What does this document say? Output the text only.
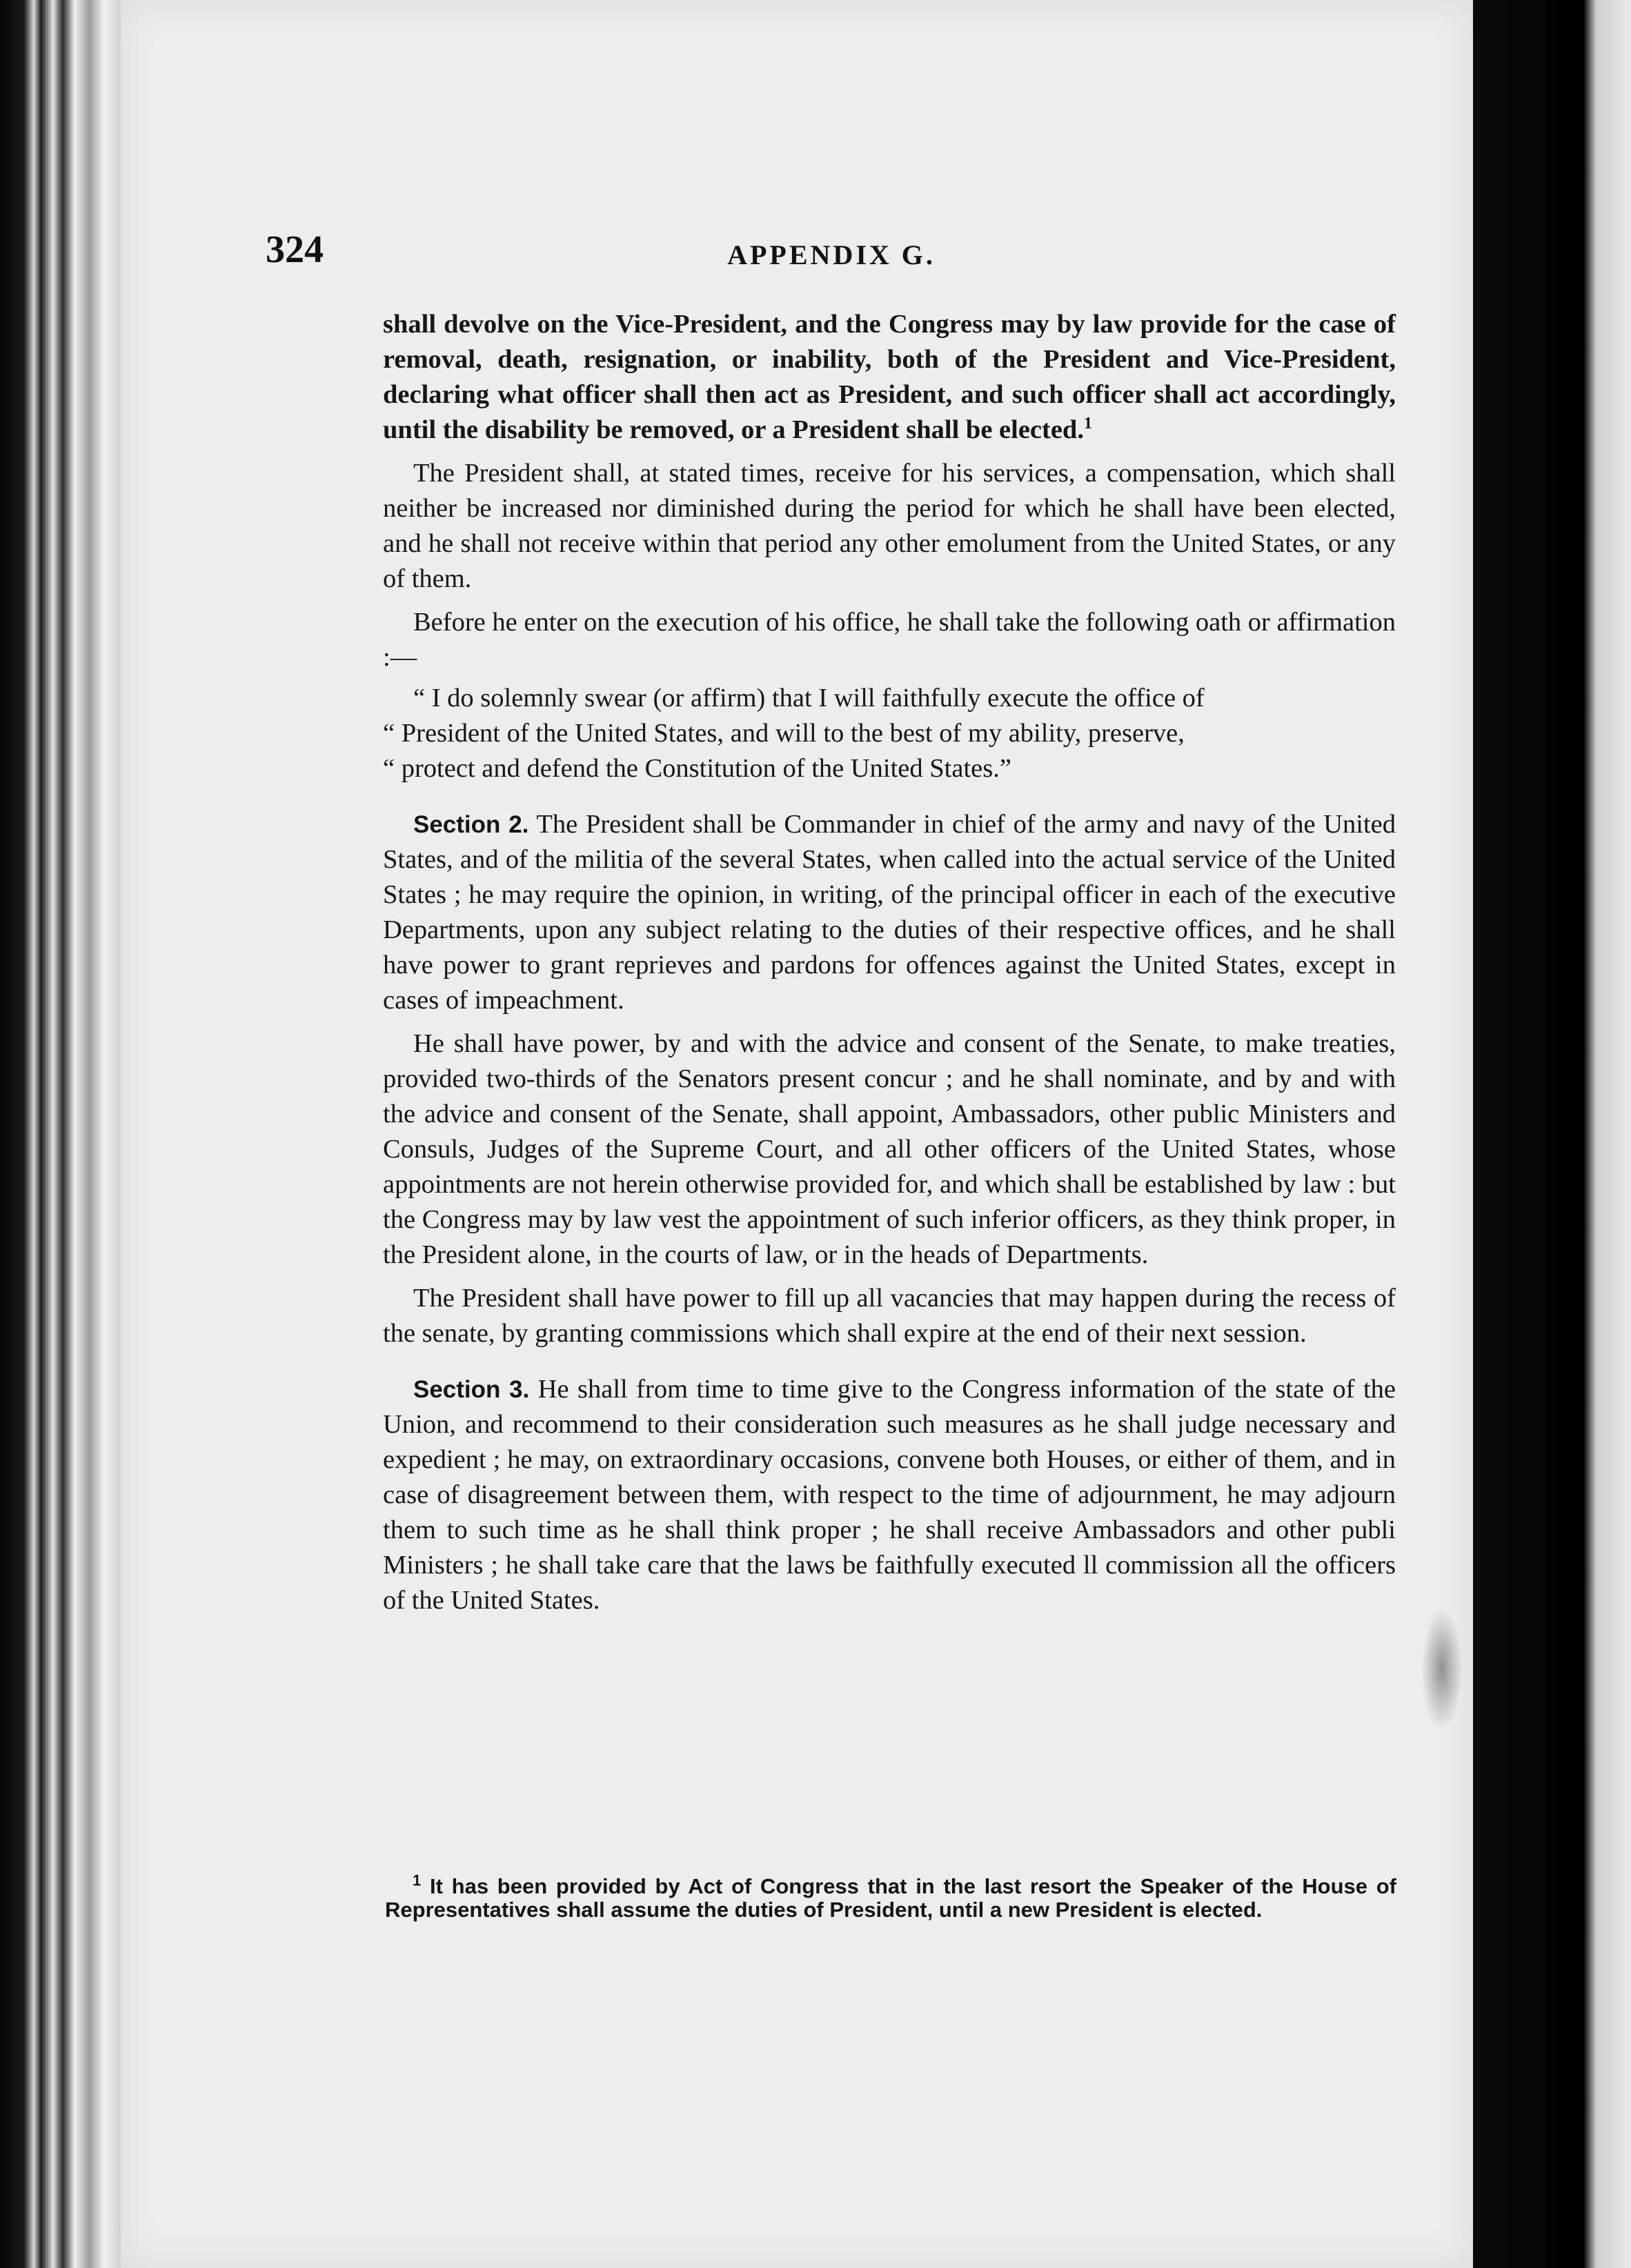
324	APPENDIX G.

shall devolve on the Vice-President, and the Congress may by law provide for the case of removal, death, resignation, or inability, both of the President and Vice-President, declaring what officer shall then act as President, and such officer shall act accordingly, until the disability be removed, or a President shall be elected.$^1$

The President shall, at stated times, receive for his services, a compensation, which shall neither be increased nor diminished during the period for which he shall have been elected, and he shall not receive within that period any other emolument from the United States, or any of them.

Before he enter on the execution of his office, he shall take the following oath or affirmation :—

“ I do solemnly swear (or affirm) that I will faithfully execute the office of
“ President of the United States, and will to the best of my ability, preserve,
“ protect and defend the Constitution of the United States.”

Section 2. The President shall be Commander in chief of the army and navy of the United States, and of the militia of the several States, when called into the actual service of the United States ; he may require the opinion, in writing, of the principal officer in each of the executive Departments, upon any subject relating to the duties of their respective offices, and he shall have power to grant reprieves and pardons for offences against the United States, except in cases of impeachment.

He shall have power, by and with the advice and consent of the Senate, to make treaties, provided two-thirds of the Senators present concur ; and he shall nominate, and by and with the advice and consent of the Senate, shall appoint, Ambassadors, other public Ministers and Consuls, Judges of the Supreme Court, and all other officers of the United States, whose appointments are not herein otherwise provided for, and which shall be established by law : but the Congress may by law vest the appointment of such inferior officers, as they think proper, in the President alone, in the courts of law, or in the heads of Departments.

The President shall have power to fill up all vacancies that may happen during the recess of the senate, by granting commissions which shall expire at the end of their next session.

Section 3. He shall from time to time give to the Congress information of the state of the Union, and recommend to their consideration such measures as he shall judge necessary and expedient ; he may, on extraordinary occasions, convene both Houses, or either of them, and in case of disagreement between them, with respect to the time of adjournment, he may adjourn them to such time as he shall think proper ; he shall receive Ambassadors and other publi Ministers ; he shall take care that the laws be faithfully executed ll commission all the officers of the United States.

$^1$ It has been provided by Act of Congress that in the last resort the Speaker of the House of Representatives shall assume the duties of President, until a new President is elected.
